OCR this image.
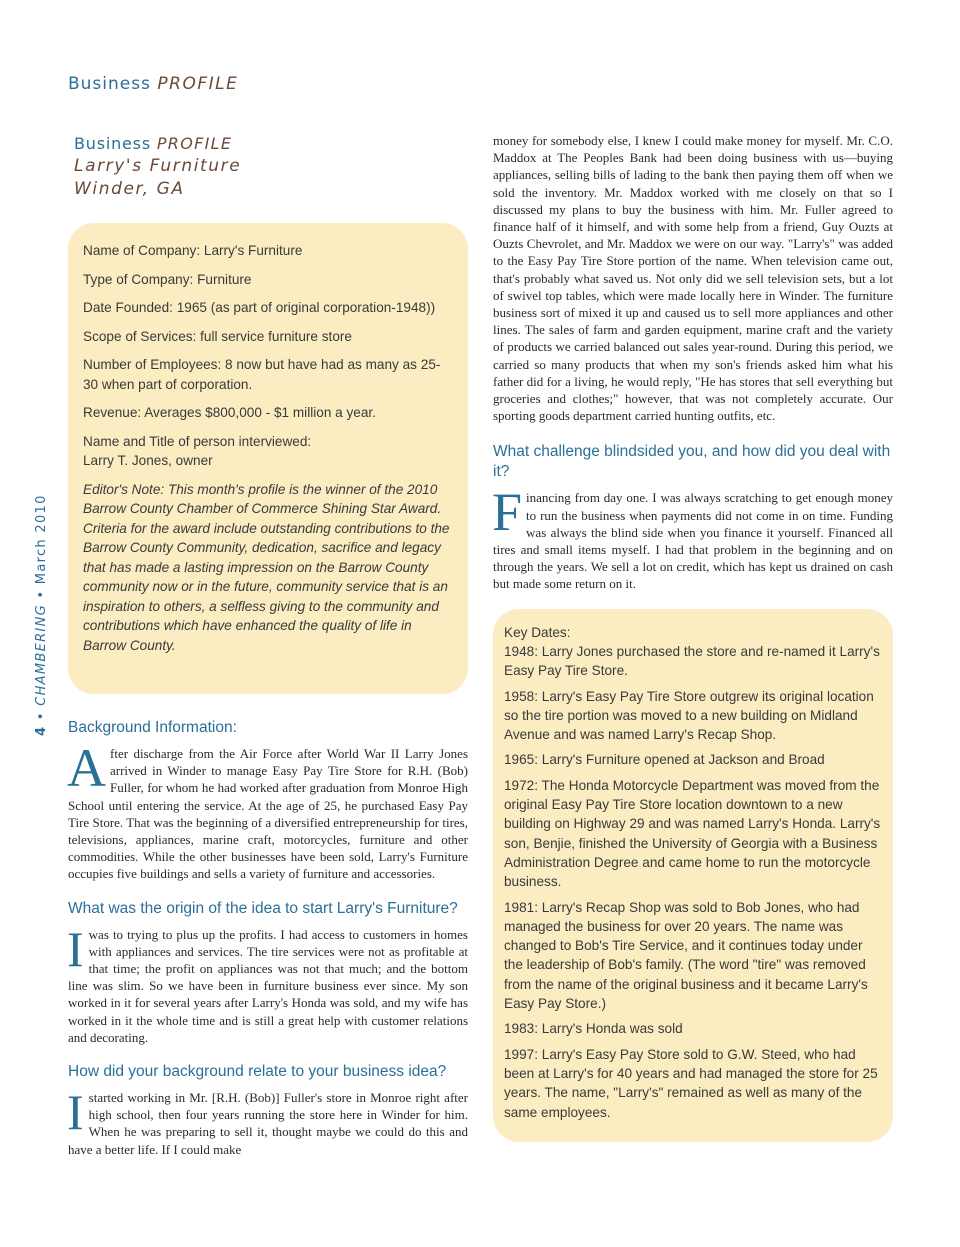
Business PROFILE
4 • CHAMBERING • March 2010
Business PROFILE
Larry's Furniture
Winder, GA

Name of Company: Larry's Furniture

Type of Company: Furniture

Date Founded: 1965 (as part of original corporation-1948))

Scope of Services: full service furniture store

Number of Employees: 8 now but have had as many as 25-30 when part of corporation.

Revenue: Averages $800,000 - $1 million a year.

Name and Title of person interviewed:
Larry T. Jones, owner

Editor's Note: This month's profile is the winner of the 2010 Barrow County Chamber of Commerce Shining Star Award. Criteria for the award include outstanding contributions to the Barrow County Community, dedication, sacrifice and legacy that has made a lasting impression on the Barrow County community now or in the future, community service that is an inspiration to others, a selfless giving to the community and contributions which have enhanced the quality of life in Barrow County.

Background Information:

After discharge from the Air Force after World War II Larry Jones arrived in Winder to manage Easy Pay Tire Store for R.H. (Bob) Fuller, for whom he had worked after graduation from Monroe High School until entering the service. At the age of 25, he purchased Easy Pay Tire Store. That was the beginning of a diversified entrepreneurship for tires, televisions, appliances, marine craft, motorcycles, furniture and other commodities. While the other businesses have been sold, Larry's Furniture occupies five buildings and sells a variety of furniture and accessories.

What was the origin of the idea to start Larry's Furniture?

Iwas to trying to plus up the profits. I had access to customers in homes with appliances and services. The tire services were not as profitable at that time; the profit on appliances was not that much; and the bottom line was slim. So we have been in furniture business ever since. My son worked in it for several years after Larry's Honda was sold, and my wife has worked in it the whole time and is still a great help with customer relations and decorating.

How did your background relate to your business idea?

Istarted working in Mr. [R.H. (Bob)] Fuller's store in Monroe right after high school, then four years running the store here in Winder for him. When he was preparing to sell it, thought maybe we could do this and have a better life. If I could make

money for somebody else, I knew I could make money for myself. Mr. C.O. Maddox at The Peoples Bank had been doing business with us—buying appliances, selling bills of lading to the bank then paying them off when we sold the inventory. Mr. Maddox worked with me closely on that so I discussed my plans to buy the business with him. Mr. Fuller agreed to finance half of it himself, and with some help from a friend, Guy Ouzts at Ouzts Chevrolet, and Mr. Maddox we were on our way. "Larry's" was added to the Easy Pay Tire Store portion of the name. When television came out, that's probably what saved us. Not only did we sell television sets, but a lot of swivel top tables, which were made locally here in Winder. The furniture business sort of mixed it up and caused us to sell more appliances and other lines. The sales of farm and garden equipment, marine craft and the variety of products we carried balanced out sales year-round. During this period, we carried so many products that when my son's friends asked him what his father did for a living, he would reply, "He has stores that sell everything but groceries and clothes;" however, that was not completely accurate. Our sporting goods department carried hunting outfits, etc.

What challenge blindsided you, and how did you deal with it?

Financing from day one. I was always scratching to get enough money to run the business when payments did not come in on time. Funding was always the blind side when you finance it yourself. Financed all tires and small items myself. I had that problem in the beginning and on through the years. We sell a lot on credit, which has kept us drained on cash but made some return on it.

Key Dates:

1948: Larry Jones purchased the store and re-named it Larry's Easy Pay Tire Store.

1958: Larry's Easy Pay Tire Store outgrew its original location so the tire portion was moved to a new building on Midland Avenue and was named Larry's Recap Shop.

1965: Larry's Furniture opened at Jackson and Broad

1972: The Honda Motorcycle Department was moved from the original Easy Pay Tire Store location downtown to a new building on Highway 29 and was named Larry's Honda. Larry's son, Benjie, finished the University of Georgia with a Business Administration Degree and came home to run the motorcycle business.

1981: Larry's Recap Shop was sold to Bob Jones, who had managed the business for over 20 years. The name was changed to Bob's Tire Service, and it continues today under the leadership of Bob's family. (The word "tire" was removed from the name of the original business and it became Larry's Easy Pay Store.)

1983: Larry's Honda was sold

1997: Larry's Easy Pay Store sold to G.W. Steed, who had been at Larry's for 40 years and had managed the store for 25 years. The name, "Larry's" remained as well as many of the same employees.
